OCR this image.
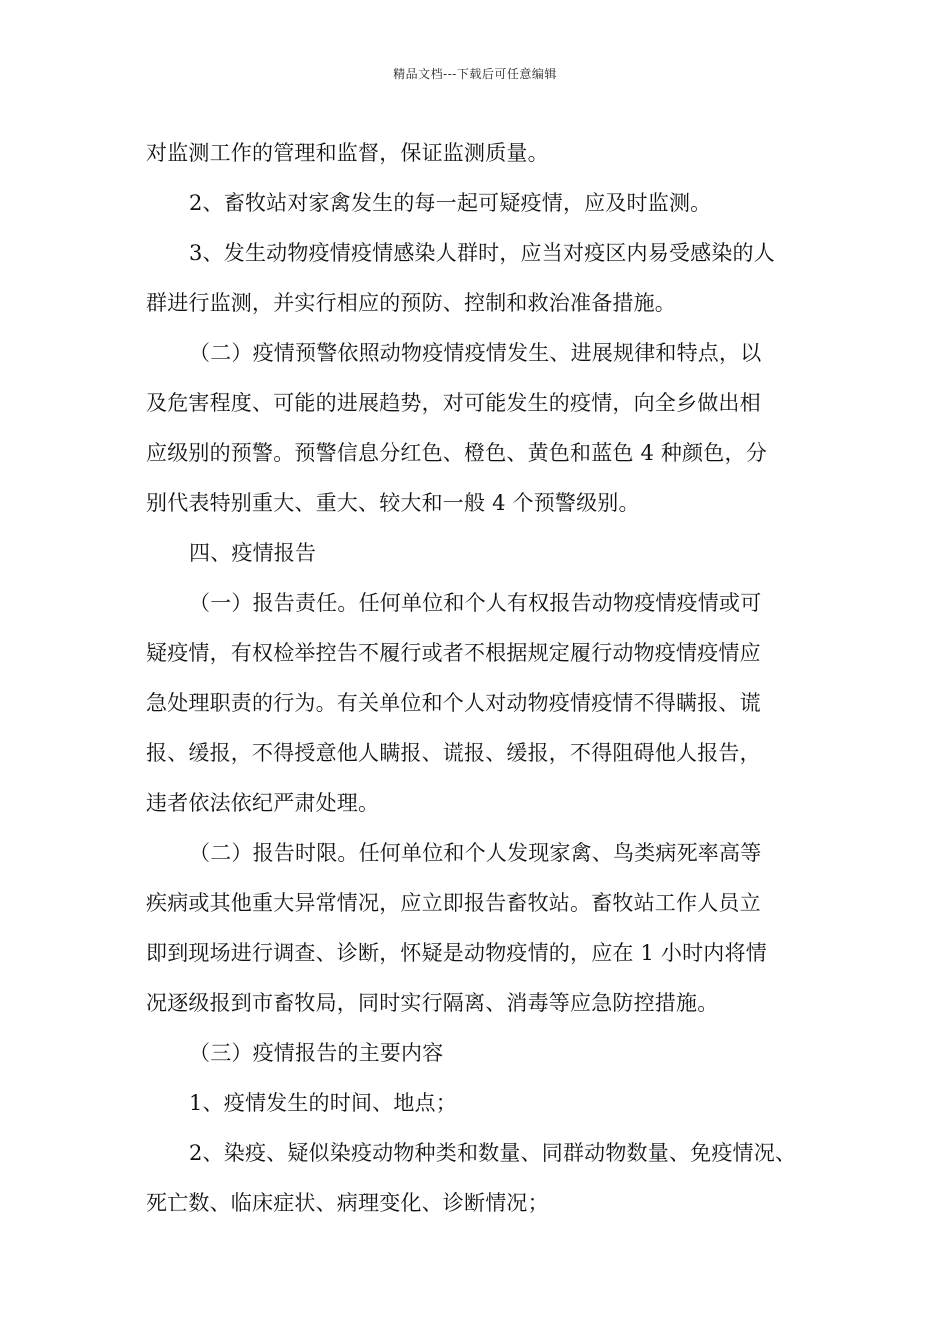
精品文档---下载后可任意编辑
对监测工作的管理和监督，保证监测质量。
2、畜牧站对家禽发生的每一起可疑疫情，应及时监测。
3、发生动物疫情疫情感染人群时，应当对疫区内易受感染的人
群进行监测，并实行相应的预防、控制和救治准备措施。
（二）疫情预警依照动物疫情疫情发生、进展规律和特点，以
及危害程度、可能的进展趋势，对可能发生的疫情，向全乡做出相
应级别的预警。预警信息分红色、橙色、黄色和蓝色 4 种颜色，分
别代表特别重大、重大、较大和一般 4 个预警级别。
四、疫情报告
（一）报告责任。任何单位和个人有权报告动物疫情疫情或可
疑疫情，有权检举控告不履行或者不根据规定履行动物疫情疫情应
急处理职责的行为。有关单位和个人对动物疫情疫情不得瞒报、谎
报、缓报，不得授意他人瞒报、谎报、缓报，不得阻碍他人报告，
违者依法依纪严肃处理。
（二）报告时限。任何单位和个人发现家禽、鸟类病死率高等
疾病或其他重大异常情况，应立即报告畜牧站。畜牧站工作人员立
即到现场进行调查、诊断，怀疑是动物疫情的，应在 1 小时内将情
况逐级报到市畜牧局，同时实行隔离、消毒等应急防控措施。
（三）疫情报告的主要内容
1、疫情发生的时间、地点；
2、染疫、疑似染疫动物种类和数量、同群动物数量、免疫情况、
死亡数、临床症状、病理变化、诊断情况；
